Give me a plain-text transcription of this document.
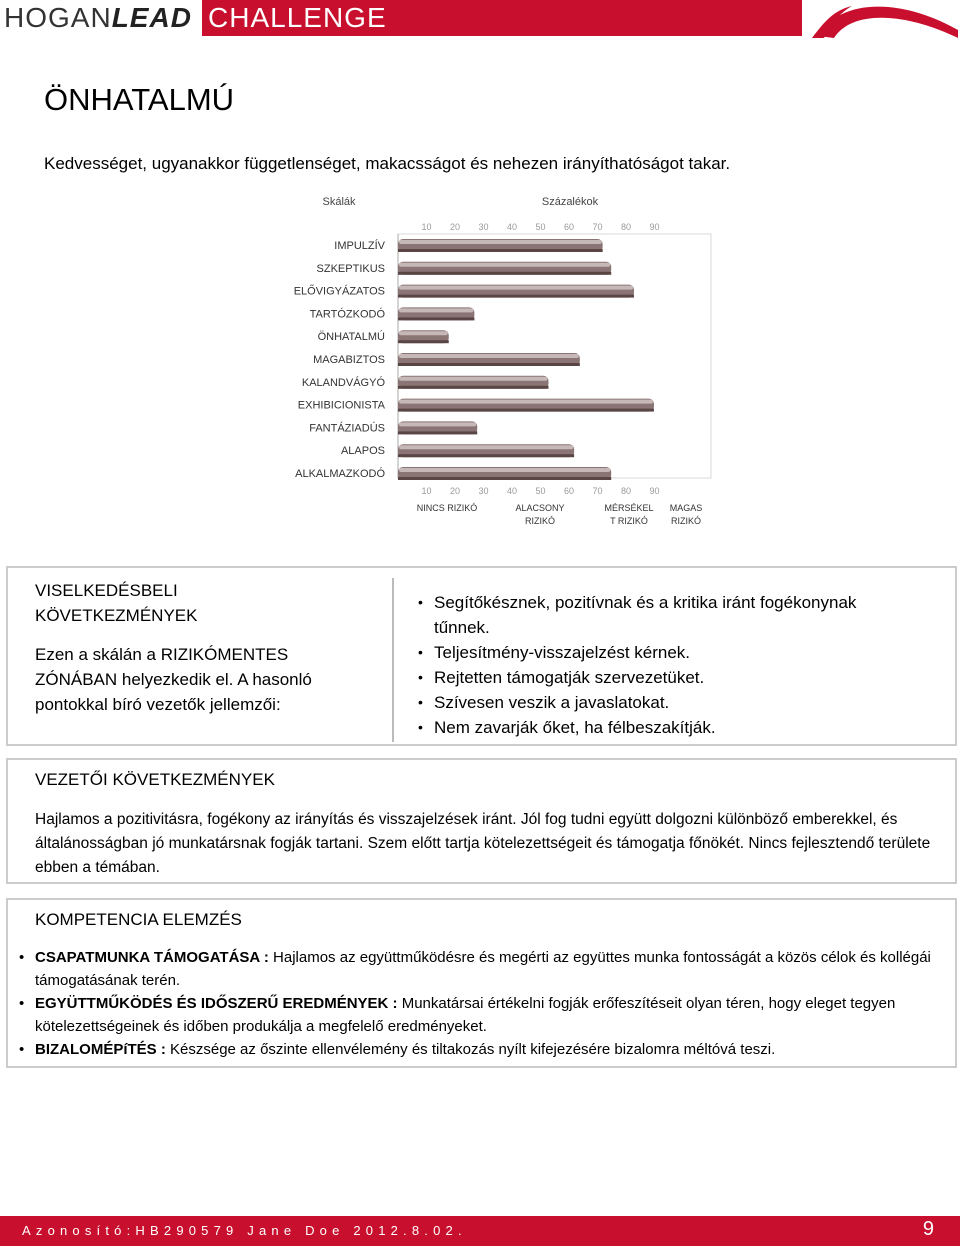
HOGANLEAD CHALLENGE
ÖNHATALMÚ
Kedvességet, ugyanakkor függetlenséget, makacsságot és nehezen irányíthatóságot takar.
Skálák	Százalékok
10 20 30 40 50 60 70 80 90
10 20 30 40 50 60 70 80 90
IMPULZÍV
SZKEPTIKUS
ELŐVIGYÁZATOS
TARTÓZKODÓ
ÖNHATALMÚ
MAGABIZTOS
KALANDVÁGYÓ
EXHIBICIONISTA
FANTÁZIADÚS
ALAPOS
ALKALMAZKODÓ
NINCS RIZIKÓ	ALACSONY
RIZIKÓ
MÉRSÉKEL
T RIZIKÓ
MAGAS
RIZIKÓ
VISELKEDÉSBELI
KÖVETKEZMÉNYEK
Ezen a skálán a RIZIKÓMENTES
ZÓNÁBAN helyezkedik el. A hasonló
pontokkal bíró vezetők jellemzői:
• Segítőkésznek, pozitívnak és a kritika iránt fogékonynak tűnnek.
• Teljesítmény-visszajelzést kérnek.
• Rejtetten támogatják szervezetüket.
• Szívesen veszik a javaslatokat.
• Nem zavarják őket, ha félbeszakítják.
VEZETŐI KÖVETKEZMÉNYEK
Hajlamos a pozitivitásra, fogékony az irányítás és visszajelzések iránt. Jól fog tudni együtt dolgozni különböző emberekkel, és általánosságban jó munkatársnak fogják tartani. Szem előtt tartja kötelezettségeit és támogatja főnökét. Nincs fejlesztendő területe ebben a témában.
KOMPETENCIA ELEMZÉS
• CSAPATMUNKA TÁMOGATÁSA : Hajlamos az együttműködésre és megérti az együttes munka fontosságát a közös célok és kollégái támogatásának terén.
• EGYÜTTMŰKÖDÉS ÉS IDŐSZERŰ EREDMÉNYEK : Munkatársai értékelni fogják erőfeszítéseit olyan téren, hogy eleget tegyen kötelezettségeinek és időben produkálja a megfelelő eredményeket.
• BIZALOMÉPíTÉS : Készsége az őszinte ellenvélemény és tiltakozás nyílt kifejezésére bizalomra méltóvá teszi.
Azonosító:HB290579 Jane Doe 2012.8.02.	9
